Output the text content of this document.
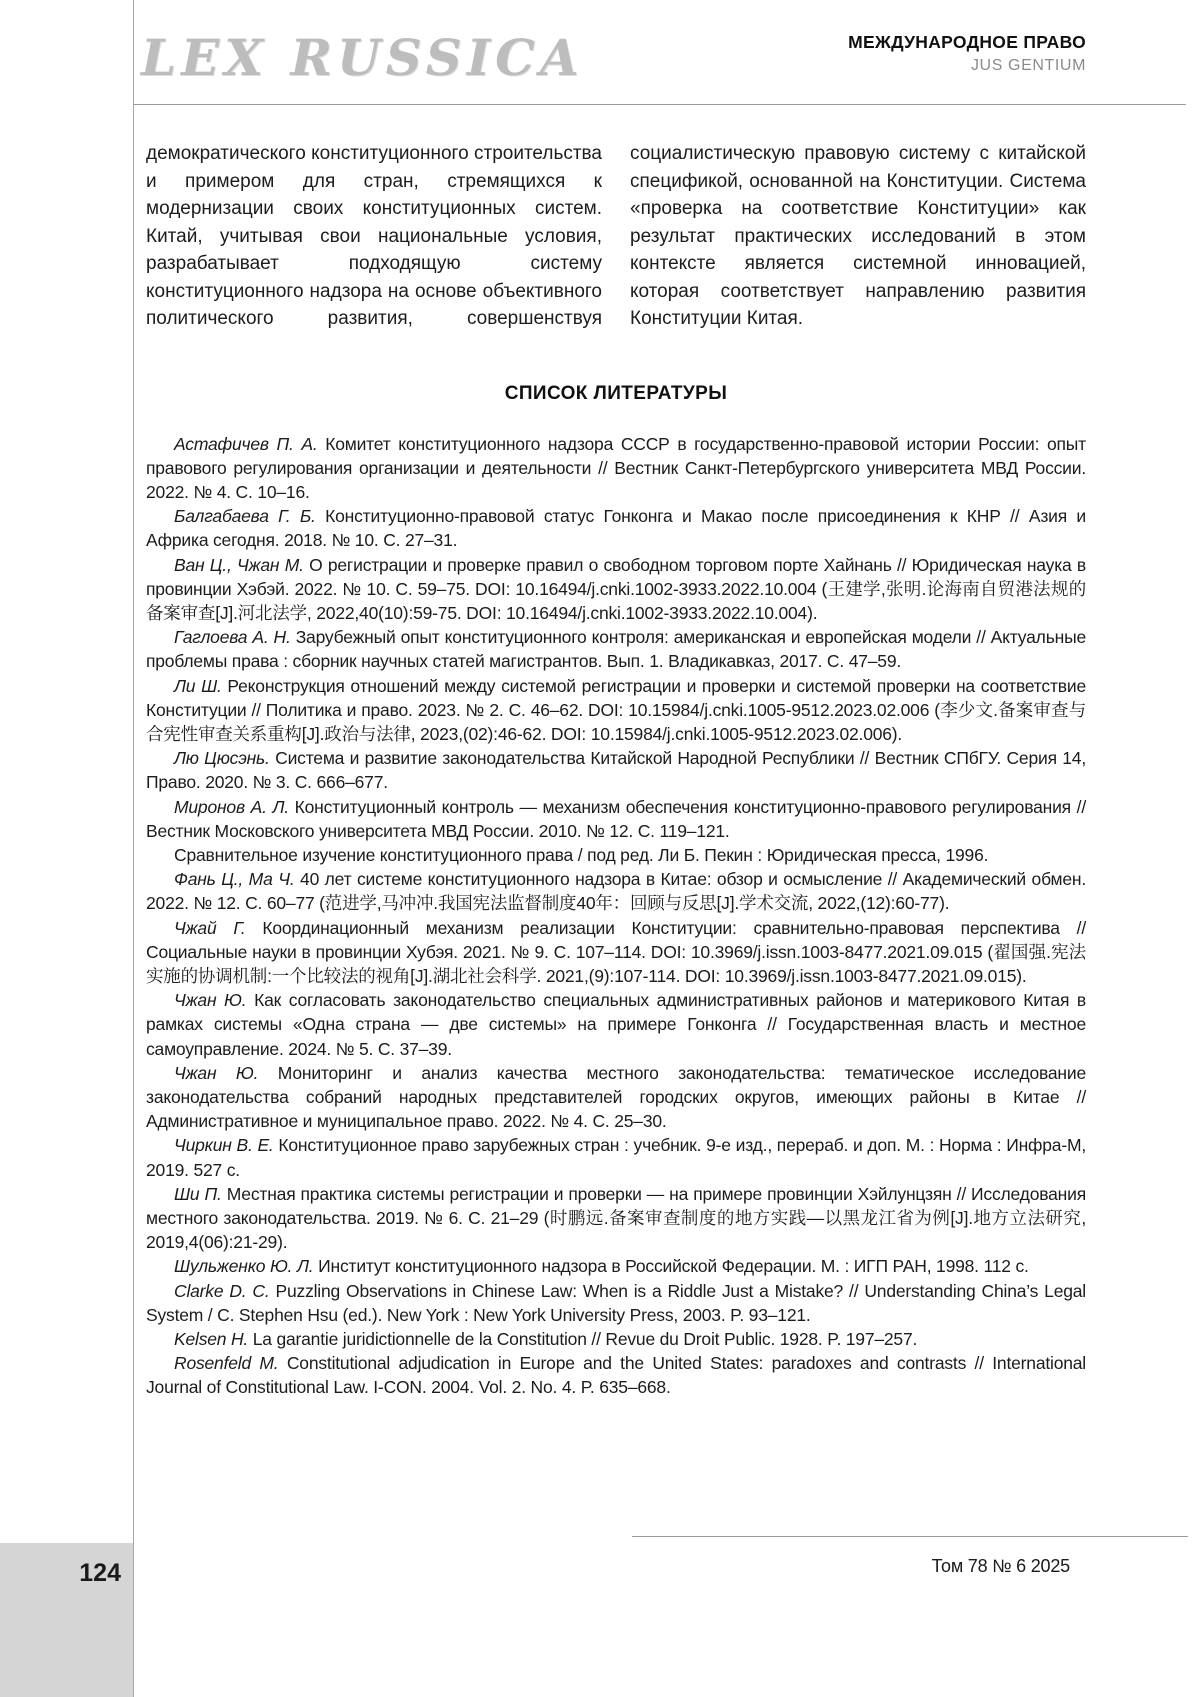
LEX RUSSICA	МЕЖДУНАРОДНОЕ ПРАВО
JUS GENTIUM
демократического конституционного строительства и примером для стран, стремящихся к модернизации своих конституционных систем. Китай, учитывая свои национальные условия, разрабатывает подходящую систему конституционного надзора на основе объективного политического развития, совершенствуя социалистическую правовую систему с китайской спецификой, основанной на Конституции. Система «проверка на соответствие Конституции» как результат практических исследований в этом контексте является системной инновацией, которая соответствует направлению развития Конституции Китая.
СПИСОК ЛИТЕРАТУРЫ

Астафичев П. А. Комитет конституционного надзора СССР в государственно-правовой истории России: опыт правового регулирования организации и деятельности // Вестник Санкт-Петербургского университета МВД России. 2022. № 4. С. 10–16.

Балгабаева Г. Б. Конституционно-правовой статус Гонконга и Макао после присоединения к КНР // Азия и Африка сегодня. 2018. № 10. С. 27–31.

Ван Ц., Чжан М. О регистрации и проверке правил о свободном торговом порте Хайнань // Юридическая наука в провинции Хэбэй. 2022. № 10. С. 59–75. DOI: 10.16494/j.cnki.1002-3933.2022.10.004 (王建学,张明.论海南自贸港法规的备案审查[J].河北法学, 2022,40(10):59-75. DOI: 10.16494/j.cnki.1002-3933.2022.10.004).

Гаглоева А. Н. Зарубежный опыт конституционного контроля: американская и европейская модели // Актуальные проблемы права : сборник научных статей магистрантов. Вып. 1. Владикавказ, 2017. С. 47–59.

Ли Ш. Реконструкция отношений между системой регистрации и проверки и системой проверки на соответствие Конституции // Политика и право. 2023. № 2. С. 46–62. DOI: 10.15984/j.cnki.1005-9512.2023.02.006 (李少文.备案审查与合宪性审查关系重构[J].政治与法律, 2023,(02):46-62. DOI: 10.15984/j.cnki.1005-9512.2023.02.006).

Лю Цюсэнь. Система и развитие законодательства Китайской Народной Республики // Вестник СПбГУ. Серия 14, Право. 2020. № 3. С. 666–677.

Миронов А. Л. Конституционный контроль — механизм обеспечения конституционно-правового регулирования // Вестник Московского университета МВД России. 2010. № 12. С. 119–121.

Сравнительное изучение конституционного права / под ред. Ли Б. Пекин : Юридическая пресса, 1996.

Фань Ц., Ма Ч. 40 лет системе конституционного надзора в Китае: обзор и осмысление // Академический обмен. 2022. № 12. С. 60–77 (范进学,马冲冲.我国宪法监督制度40年：回顾与反思[J].学术交流, 2022,(12):60-77).

Чжай Г. Координационный механизм реализации Конституции: сравнительно-правовая перспектива // Социальные науки в провинции Хубэя. 2021. № 9. С. 107–114. DOI: 10.3969/j.issn.1003-8477.2021.09.015 (翟国强.宪法实施的协调机制:一个比较法的视角[J].湖北社会科学. 2021,(9):107-114. DOI: 10.3969/j.issn.1003-8477.2021.09.015).

Чжан Ю. Как согласовать законодательство специальных административных районов и материкового Китая в рамках системы «Одна страна — две системы» на примере Гонконга // Государственная власть и местное самоуправление. 2024. № 5. С. 37–39.

Чжан Ю. Мониторинг и анализ качества местного законодательства: тематическое исследование законодательства собраний народных представителей городских округов, имеющих районы в Китае // Административное и муниципальное право. 2022. № 4. С. 25–30.

Чиркин В. Е. Конституционное право зарубежных стран : учебник. 9-е изд., перераб. и доп. М. : Норма : Инфра-М, 2019. 527 с.

Ши П. Местная практика системы регистрации и проверки — на примере провинции Хэйлунцзян // Исследования местного законодательства. 2019. № 6. С. 21–29 (时鹏远.备案审查制度的地方实践—以黑龙江省为例[J].地方立法研究, 2019,4(06):21-29).

Шульженко Ю. Л. Институт конституционного надзора в Российской Федерации. М. : ИГП РАН, 1998. 112 с.

Clarke D. C. Puzzling Observations in Chinese Law: When is a Riddle Just a Mistake? // Understanding China’s Legal System / C. Stephen Hsu (ed.). New York : New York University Press, 2003. P. 93–121.

Kelsen H. La garantie juridictionnelle de la Constitution // Revue du Droit Public. 1928. P. 197–257.

Rosenfeld M. Constitutional adjudication in Europe and the United States: paradoxes and contrasts // International Journal of Constitutional Law. I-CON. 2004. Vol. 2. No. 4. P. 635–668.

Том 78 № 6 2025
124
